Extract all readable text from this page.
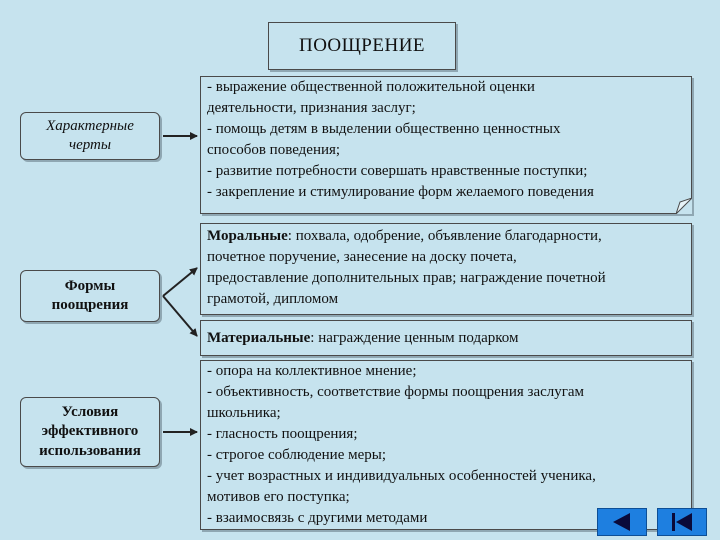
ПООЩРЕНИЕ
Характерные
черты
Формы
поощрения
Условия
эффективного
использования
- выражение общественной положительной оценки
деятельности, признания заслуг;
- помощь детям в выделении общественно ценностных
способов поведения;
- развитие потребности совершать нравственные поступки;
- закрепление и стимулирование форм желаемого поведения
Моральные: похвала, одобрение, объявление благодарности,
почетное поручение, занесение на доску почета,
предоставление дополнительных прав; награждение почетной
грамотой, дипломом
Материальные: награждение ценным подарком
- опора на коллективное мнение;
- объективность, соответствие формы поощрения заслугам
школьника;
- гласность поощрения;
- строгое соблюдение меры;
- учет возрастных и индивидуальных особенностей ученика,
мотивов его поступка;
- взаимосвязь с другими методами
